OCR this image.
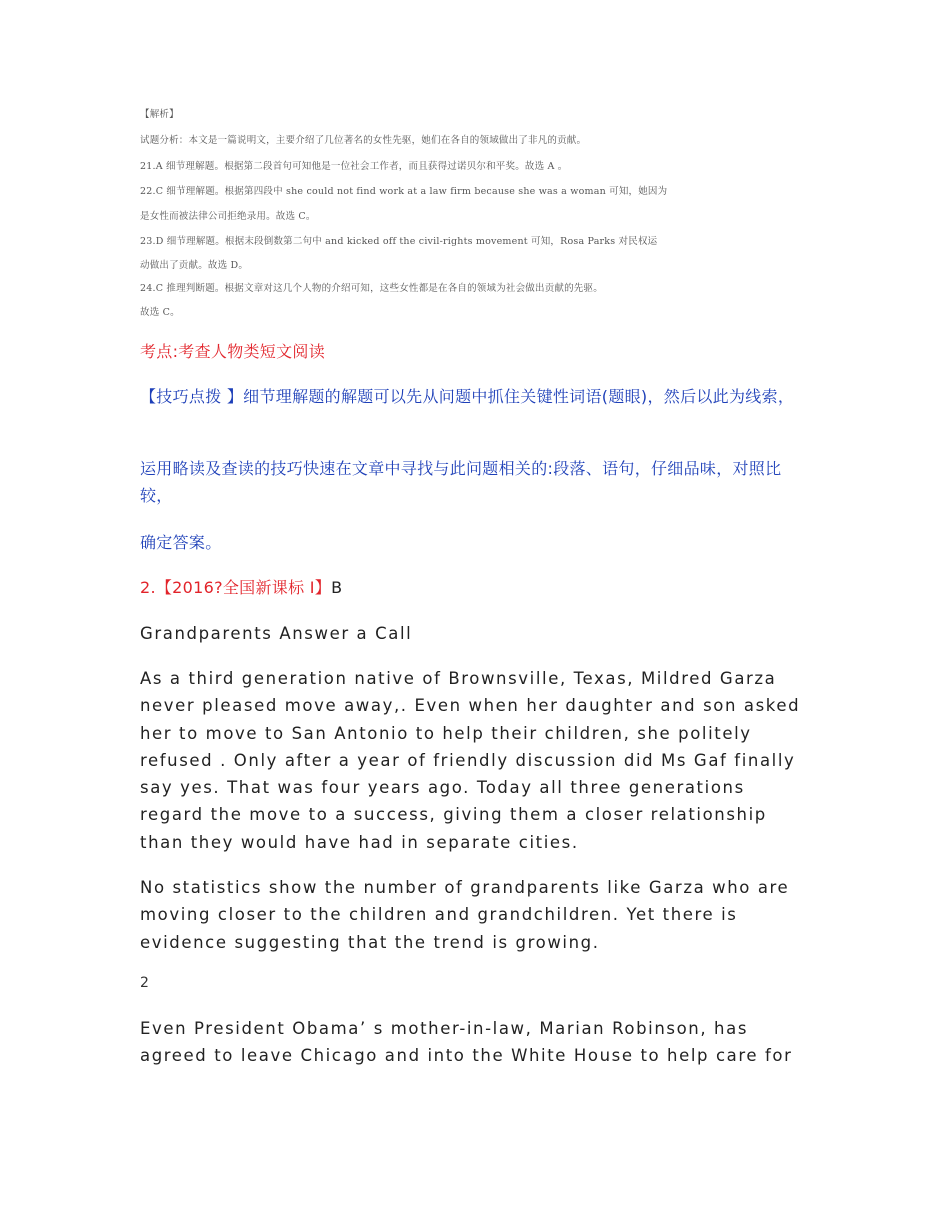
【解析】
试题分析：本文是一篇说明文，主要介绍了几位著名的女性先驱，她们在各自的领域做出了非凡的贡献。
21.A 细节理解题。根据第二段首句可知他是一位社会工作者，而且获得过诺贝尔和平奖。故选 A 。
22.C 细节理解题。根据第四段中 she could not find work at a law firm because she was a woman 可知，她因为
是女性而被法律公司拒绝录用。故选 C。
23.D 细节理解题。根据末段倒数第二句中 and kicked off the civil-rights movement 可知，Rosa Parks 对民权运
动做出了贡献。故选 D。
24.C 推理判断题。根据文章对这几个人物的介绍可知，这些女性都是在各自的领域为社会做出贡献的先驱。
故选 C。

考点:考查人物类短文阅读

【技巧点拨 】细节理解题的解题可以先从问题中抓住关键性词语(题眼)，然后以此为线索，

运用略读及查读的技巧快速在文章中寻找与此问题相关的:段落、语句，仔细品味，对照比较，

确定答案。

2.【2016?全国新课标 I】B

Grandparents Answer a Call

As a third generation native of Brownsville, Texas, Mildred Garza never pleased move away,. Even when her daughter and son asked her to move to San Antonio to help their children, she politely refused . Only after a year of friendly discussion did Ms Gaf finally say yes. That was four years ago. Today all three generations regard the move to a success, giving them a closer relationship than they would have had in separate cities.

No statistics show the number of grandparents like Garza who are moving closer to the children and grandchildren. Yet there is evidence suggesting that the trend is growing.

2

Even President Obama’ s mother-in-law, Marian Robinson, has agreed to leave Chicago and into the White House to help care for
